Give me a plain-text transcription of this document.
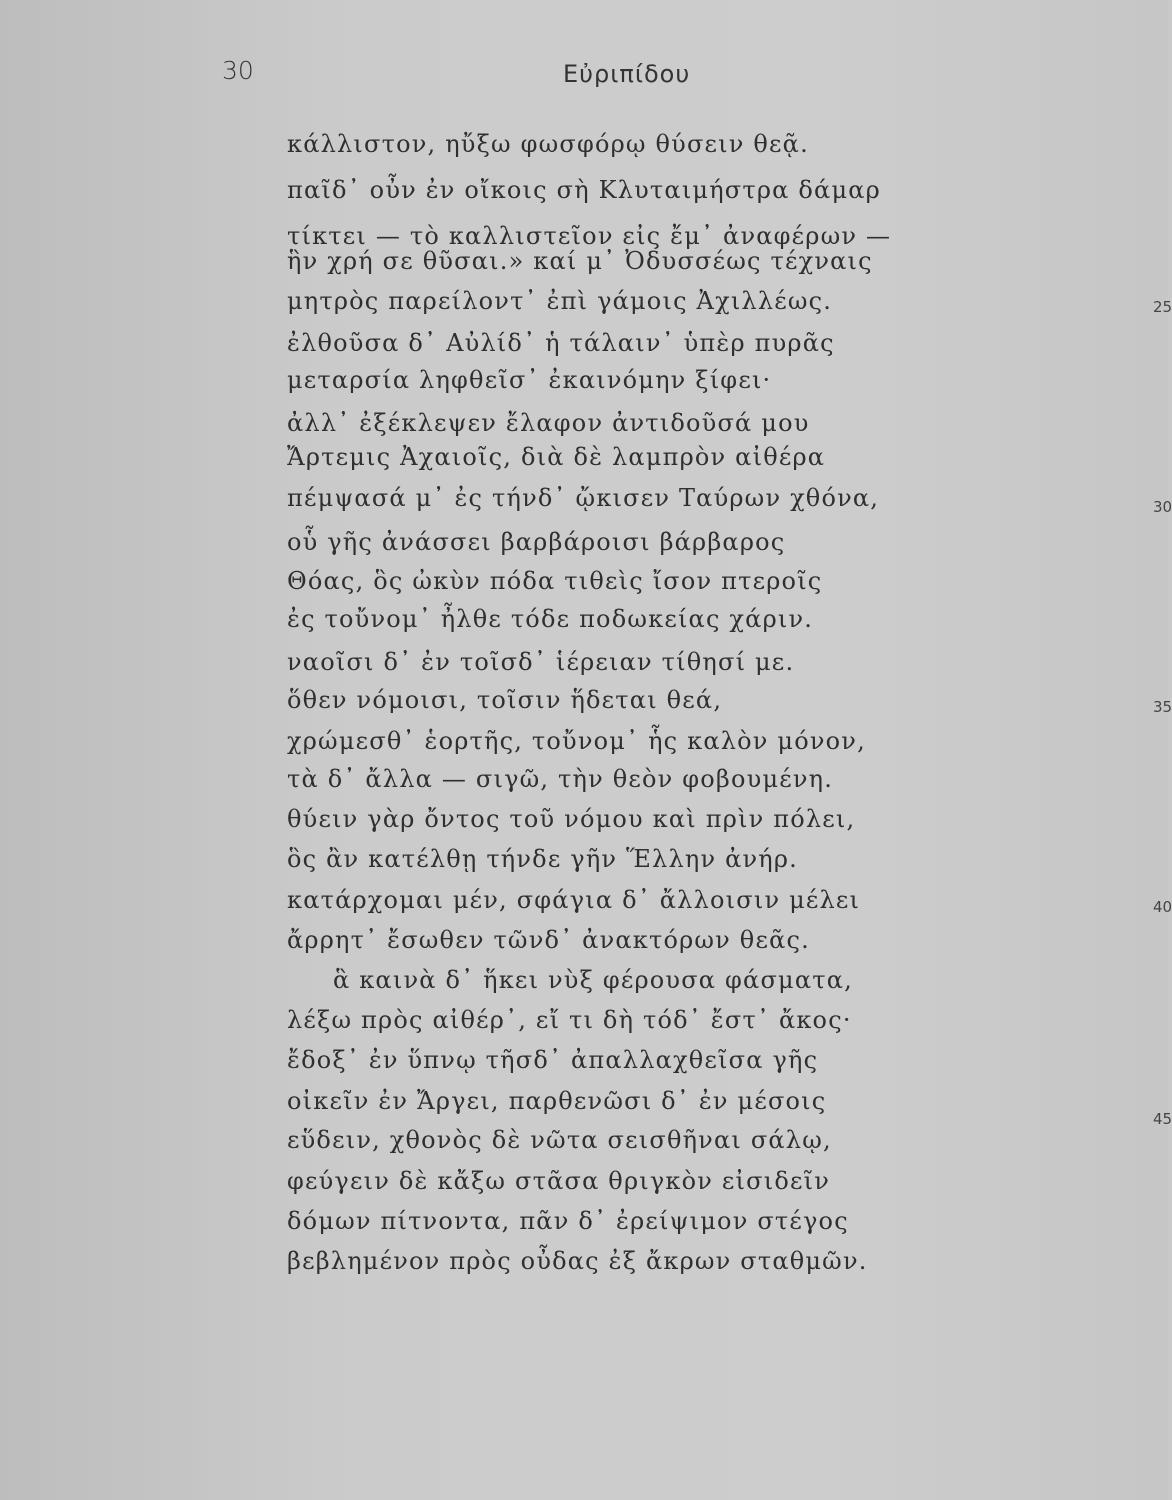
30	Εὐριπίδου
κάλλιστον, ηὔξω φωσφόρῳ θύσειν θεᾷ.
παῖδ᾽ οὖν ἐν οἴκοις σὴ Κλυταιμήστρα δάμαρ
τίκτει — τὸ καλλιστεῖον εἰς ἔμ᾽ ἀναφέρων —
ἣν χρή σε θῦσαι.» καί μ᾽ Ὀδυσσέως τέχναις
μητρὸς παρείλοντ᾽ ἐπὶ γάμοις Ἀχιλλέως.	25
ἐλθοῦσα δ᾽ Αὐλίδ᾽ ἡ τάλαιν᾽ ὑπὲρ πυρᾶς
μεταρσία ληφθεῖσ᾽ ἐκαινόμην ξίφει·
ἀλλ᾽ ἐξέκλεψεν ἔλαφον ἀντιδοῦσά μου
Ἄρτεμις Ἀχαιοῖς, διὰ δὲ λαμπρὸν αἰθέρα
πέμψασά μ᾽ ἐς τήνδ᾽ ᾤκισεν Ταύρων χθόνα,	30
οὗ γῆς ἀνάσσει βαρβάροισι βάρβαρος
Θόας, ὃς ὠκὺν πόδα τιθεὶς ἴσον πτεροῖς
ἐς τοὔνομ᾽ ἦλθε τόδε ποδωκείας χάριν.
ναοῖσι δ᾽ ἐν τοῖσδ᾽ ἱέρειαν τίθησί με.
ὅθεν νόμοισι, τοῖσιν ἥδεται θεά,	35
χρώμεσθ᾽ ἑορτῆς, τοὔνομ᾽ ἧς καλὸν μόνον,
τὰ δ᾽ ἄλλα — σιγῶ, τὴν θεὸν φοβουμένη.
θύειν γὰρ ὄντος τοῦ νόμου καὶ πρὶν πόλει,
ὃς ἂν κατέλθῃ τήνδε γῆν Ἕλλην ἀνήρ.
κατάρχομαι μέν, σφάγια δ᾽ ἄλλοισιν μέλει	40
ἄρρητ᾽ ἔσωθεν τῶνδ᾽ ἀνακτόρων θεᾶς.
ἃ καινὰ δ᾽ ἥκει νὺξ φέρουσα φάσματα,
λέξω πρὸς αἰθέρ᾽, εἴ τι δὴ τόδ᾽ ἔστ᾽ ἄκος·
ἔδοξ᾽ ἐν ὕπνῳ τῆσδ᾽ ἀπαλλαχθεῖσα γῆς
οἰκεῖν ἐν Ἄργει, παρθενῶσι δ᾽ ἐν μέσοις
45
εὕδειν, χθονὸς δὲ νῶτα σεισθῆναι σάλῳ,
φεύγειν δὲ κἄξω στᾶσα θριγκὸν εἰσιδεῖν
δόμων πίτνοντα, πᾶν δ᾽ ἐρείψιμον στέγος
βεβλημένον πρὸς οὖδας ἐξ ἄκρων σταθμῶν.
